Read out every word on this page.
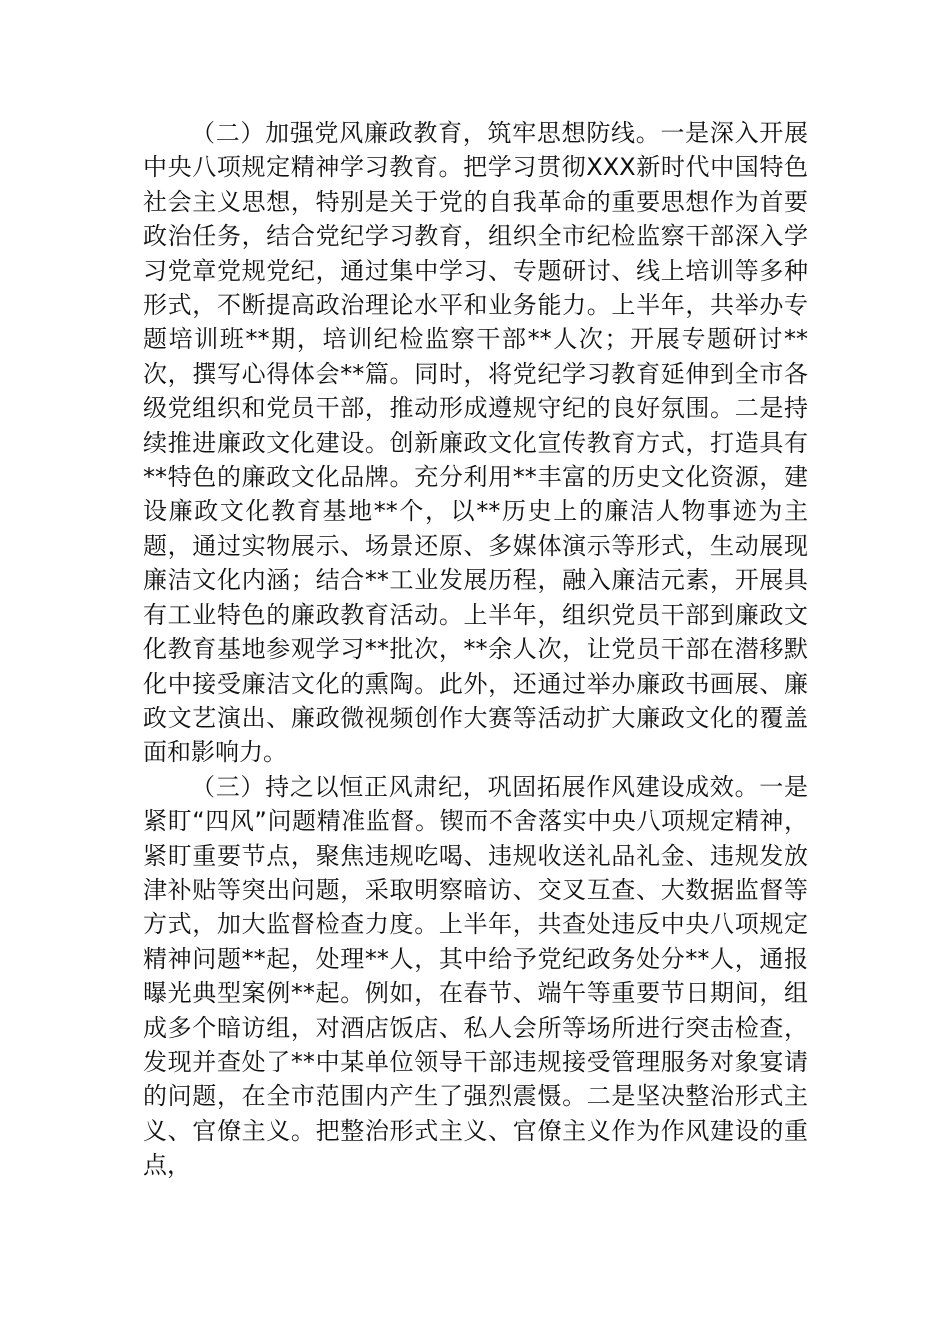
（二）加强党风廉政教育，筑牢思想防线。一是深入开展中央八项规定精神学习教育。把学习贯彻XXX新时代中国特色社会主义思想，特别是关于党的自我革命的重要思想作为首要政治任务，结合党纪学习教育，组织全市纪检监察干部深入学习党章党规党纪，通过集中学习、专题研讨、线上培训等多种形式，不断提高政治理论水平和业务能力。上半年，共举办专题培训班**期，培训纪检监察干部**人次；开展专题研讨**次，撰写心得体会**篇。同时，将党纪学习教育延伸到全市各级党组织和党员干部，推动形成遵规守纪的良好氛围。二是持续推进廉政文化建设。创新廉政文化宣传教育方式，打造具有**特色的廉政文化品牌。充分利用**丰富的历史文化资源，建设廉政文化教育基地**个，以**历史上的廉洁人物事迹为主题，通过实物展示、场景还原、多媒体演示等形式，生动展现廉洁文化内涵；结合**工业发展历程，融入廉洁元素，开展具有工业特色的廉政教育活动。上半年，组织党员干部到廉政文化教育基地参观学习**批次，**余人次，让党员干部在潜移默化中接受廉洁文化的熏陶。此外，还通过举办廉政书画展、廉政文艺演出、廉政微视频创作大赛等活动扩大廉政文化的覆盖面和影响力。

（三）持之以恒正风肃纪，巩固拓展作风建设成效。一是紧盯“四风”问题精准监督。锲而不舍落实中央八项规定精神，紧盯重要节点，聚焦违规吃喝、违规收送礼品礼金、违规发放津补贴等突出问题，采取明察暗访、交叉互查、大数据监督等方式，加大监督检查力度。上半年，共查处违反中央八项规定精神问题**起，处理**人，其中给予党纪政务处分**人，通报曝光典型案例**起。例如，在春节、端午等重要节日期间，组成多个暗访组，对酒店饭店、私人会所等场所进行突击检查，发现并查处了**中某单位领导干部违规接受管理服务对象宴请的问题，在全市范围内产生了强烈震慑。二是坚决整治形式主义、官僚主义。把整治形式主义、官僚主义作为作风建设的重点，
